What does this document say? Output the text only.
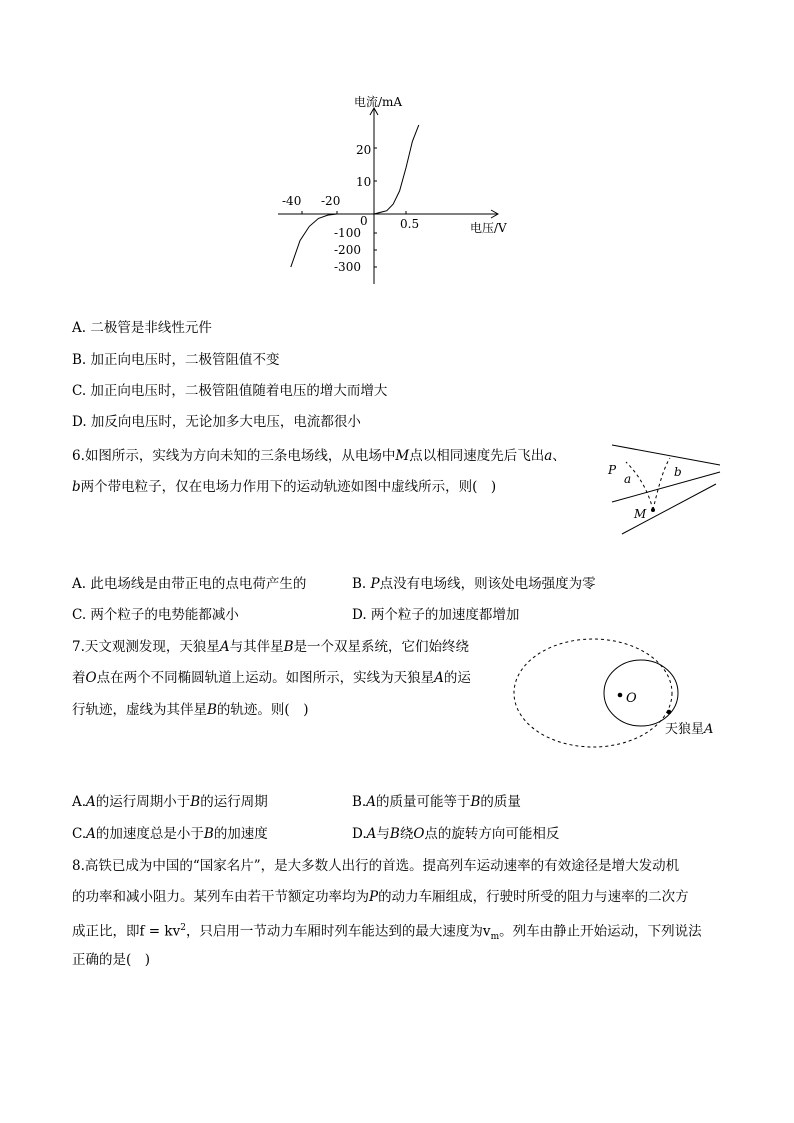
电流/mA
电压/V
-40 -20
0	0.5
20
10
-100
-200
-300
A. 二极管是非线性元件
B. 加正向电压时，二极管阻值不变
C. 加正向电压时，二极管阻值随着电压的增大而增大
D. 加反向电压时，无论加多大电压，电流都很小
6.如图所示，实线为方向未知的三条电场线，从电场中M点以相同速度先后飞出a、
b两个带电粒子，仅在电场力作用下的运动轨迹如图中虚线所示，则(　)
P
a	b
M
A. 此电场线是由带正电的点电荷产生的	B. P点没有电场线，则该处电场强度为零
C. 两个粒子的电势能都减小	D. 两个粒子的加速度都增加
7.天文观测发现，天狼星A与其伴星B是一个双星系统，它们始终绕
着O点在两个不同椭圆轨道上运动。如图所示，实线为天狼星A的运
行轨迹，虚线为其伴星B的轨迹。则(　)
O
天狼星A
A.A的运行周期小于B的运行周期	B.A的质量可能等于B的质量
C.A的加速度总是小于B的加速度	D.A与B绕O点的旋转方向可能相反
8.高铁已成为中国的“国家名片”，是大多数人出行的首选。提高列车运动速率的有效途径是增大发动机
的功率和减小阻力。某列车由若干节额定功率均为P的动力车厢组成，行驶时所受的阻力与速率的二次方
成正比，即$f = kv^2$，只启用一节动力车厢时列车能达到的最大速度为$v_m$。列车由静止开始运动，下列说法
正确的是(　)
